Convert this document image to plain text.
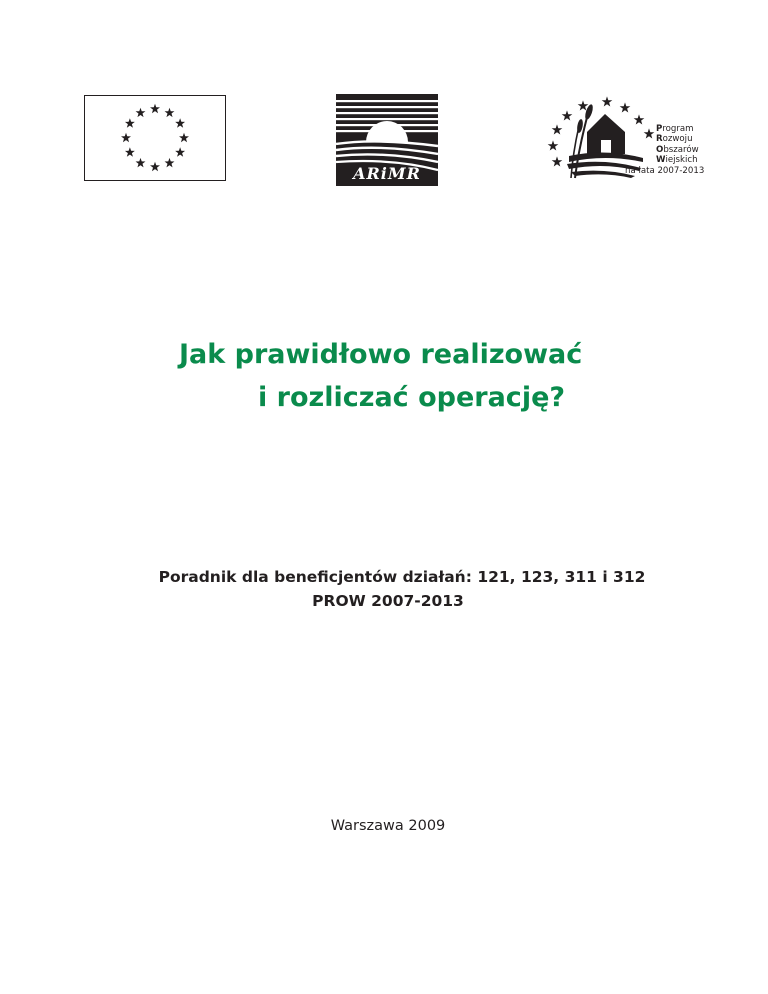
ARiMR
Program
Rozwoju
Obszarów
Wiejskich
na lata 2007-2013
Jak prawidłowo realizować
i rozliczać operację?
Poradnik dla beneficjentów działań: 121, 123, 311 i 312
PROW 2007-2013
Warszawa 2009
